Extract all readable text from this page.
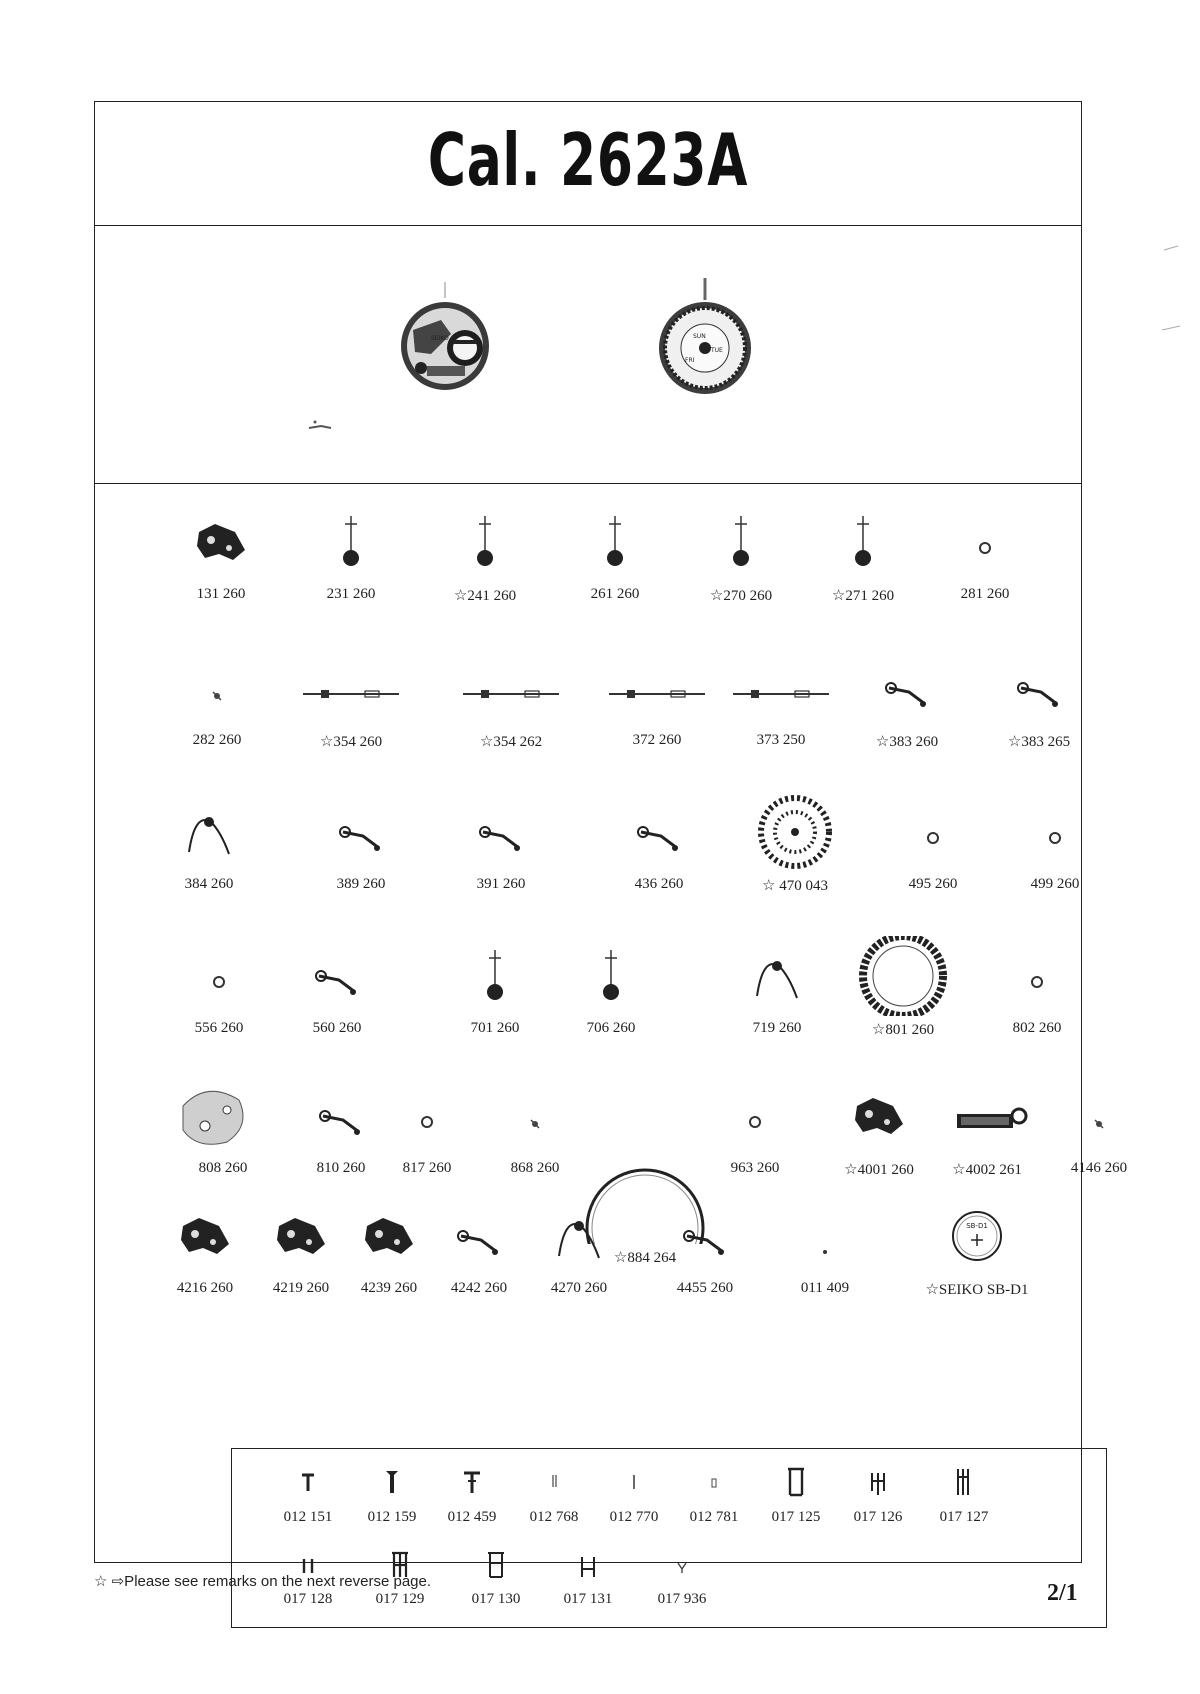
Cal. 2623A
SEIKO	SUN
TUE
FRI
131 260	231 260	☆241 260	261 260	☆270 260	☆271 260	281 260
282 260	☆354 260	☆354 262	372 260	373 250	☆383 260	☆383 265
384 260	389 260	391 260	436 260	☆ 470 043	495 260	499 260
556 260	560 260	701 260	706 260	719 260	☆801 260	802 260
808 260	810 260	817 260	868 260
☆884 264
963 260	☆4001 260	☆4002 261	4146 260
4216 260	4219 260	4239 260	4242 260	4270 260	4455 260	011 409
SB-D1
☆SEIKO SB-D1
012 151	012 159	012 459	012 768	012 770	012 781	017 125	017 126	017 127
017 128	017 129	017 130	017 131	017 936	2/1
☆ ⇨Please see remarks on the next reverse page.
